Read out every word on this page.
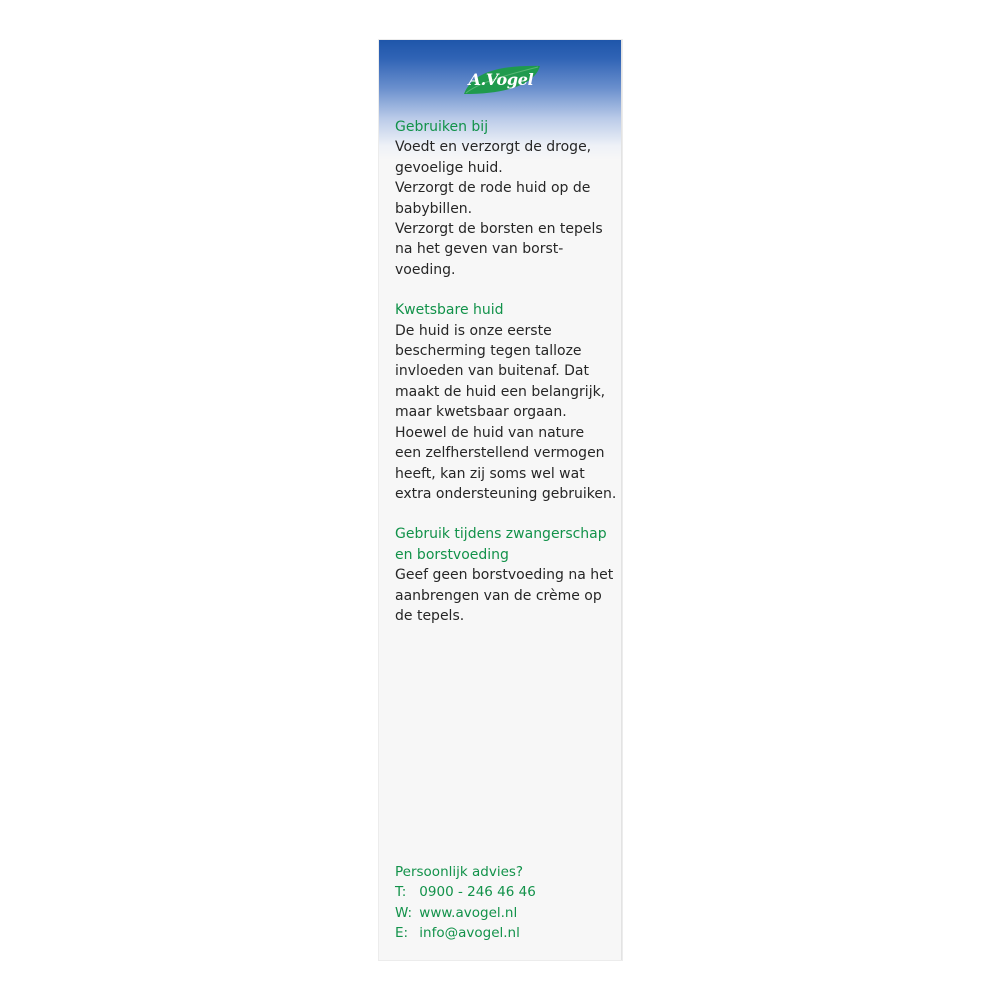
A.Vogel
Gebruiken bij
Voedt en verzorgt de droge,
gevoelige huid.
Verzorgt de rode huid op de
babybillen.
Verzorgt de borsten en tepels
na het geven van borst-
voeding.
Kwetsbare huid
De huid is onze eerste
bescherming tegen talloze
invloeden van buitenaf. Dat
maakt de huid een belangrijk,
maar kwetsbaar orgaan.
Hoewel de huid van nature
een zelfherstellend vermogen
heeft, kan zij soms wel wat
extra ondersteuning gebruiken.
Gebruik tijdens zwangerschap
en borstvoeding
Geef geen borstvoeding na het
aanbrengen van de crème op
de tepels.
Persoonlijk advies?
T: 0900 - 246 46 46
W: www.avogel.nl
E: info@avogel.nl
